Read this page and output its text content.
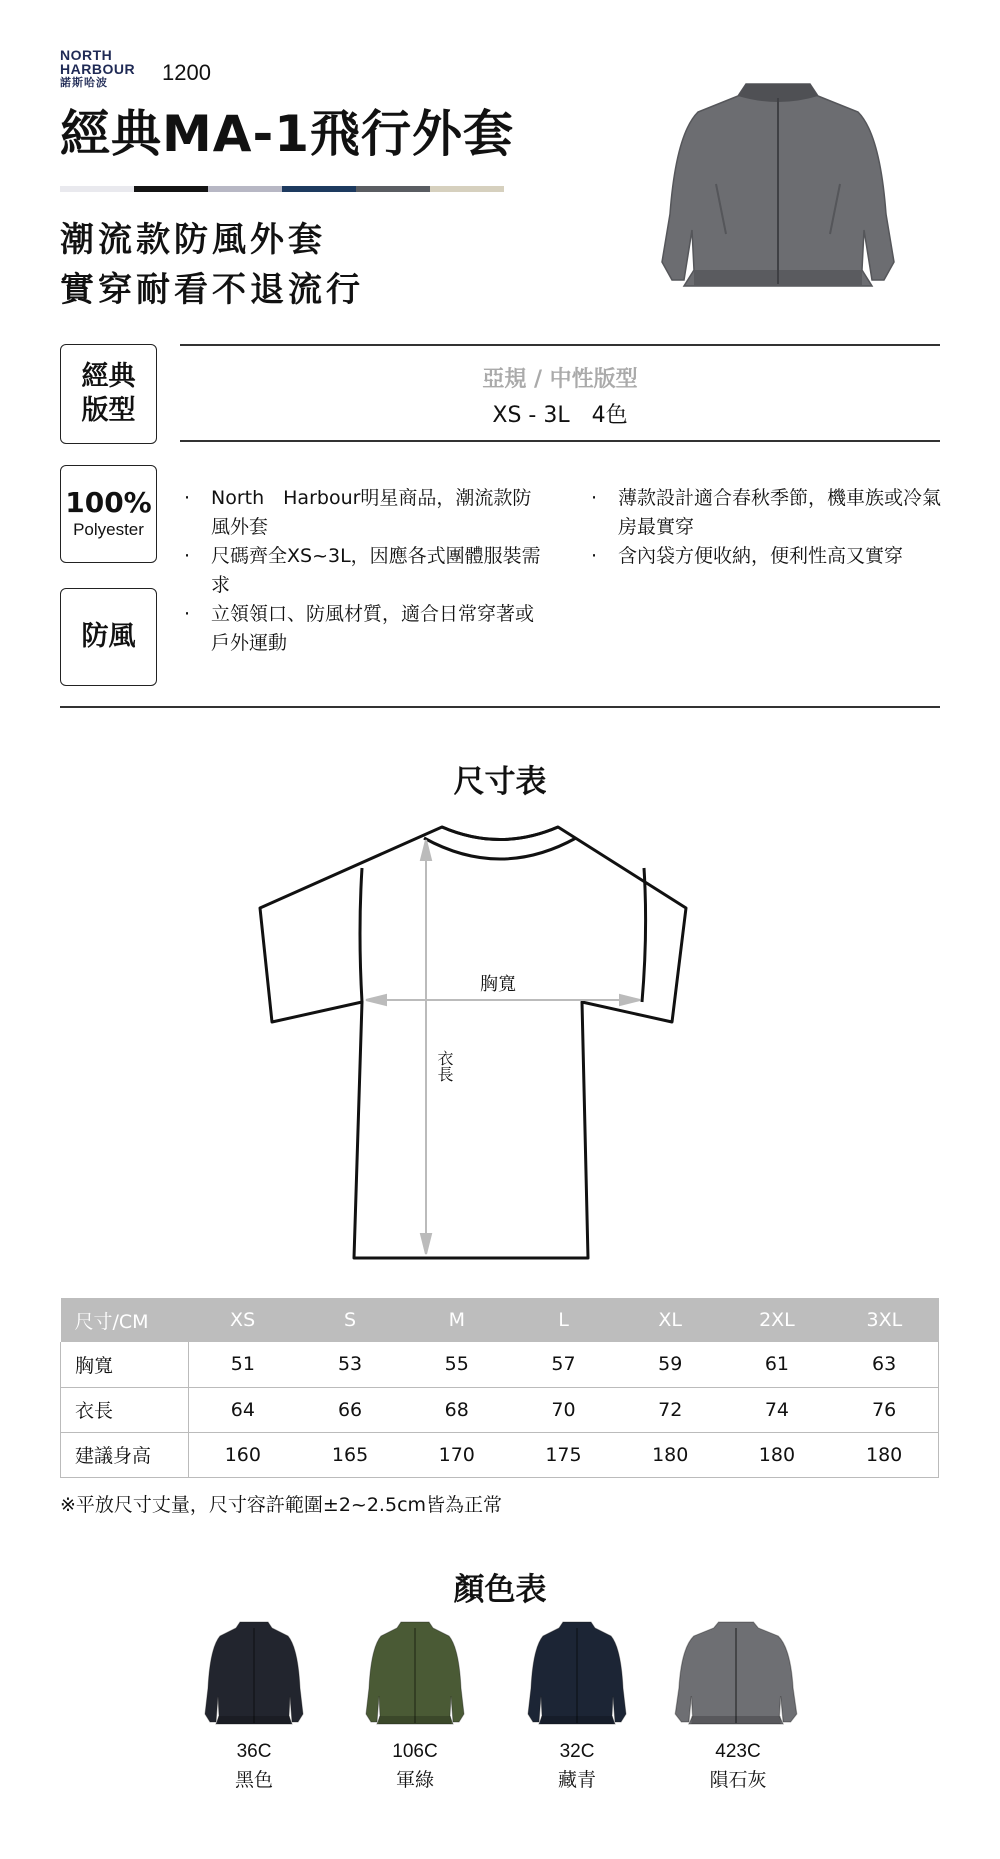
NORTH
HARBOUR
諾斯哈波	1200
經典MA-1飛行外套
潮流款防風外套
實穿耐看不退流行
經典
版型
亞規 / 中性版型
XS - 3L　4色
100%
Polyester
防風
· North　Harbour明星商品，潮流款防風外套
· 尺碼齊全XS~3L，因應各式團體服裝需求
· 立領領口、防風材質，適合日常穿著或戶外運動
· 薄款設計適合春秋季節，機車族或冷氣房最實穿
· 含內袋方便收納，便利性高又實穿
尺寸表
胸寬
衣長
尺寸/CM	XS	S	M	L	XL	2XL	3XL
胸寬	51	53	55	57	59	61	63
衣長	64	66	68	70	72	74	76
建議身高	160	165	170	175	180	180	180
※平放尺寸丈量，尺寸容許範圍±2~2.5cm皆為正常
顏色表
36C
黑色
106C
軍綠
32C
藏青
423C
隕石灰
